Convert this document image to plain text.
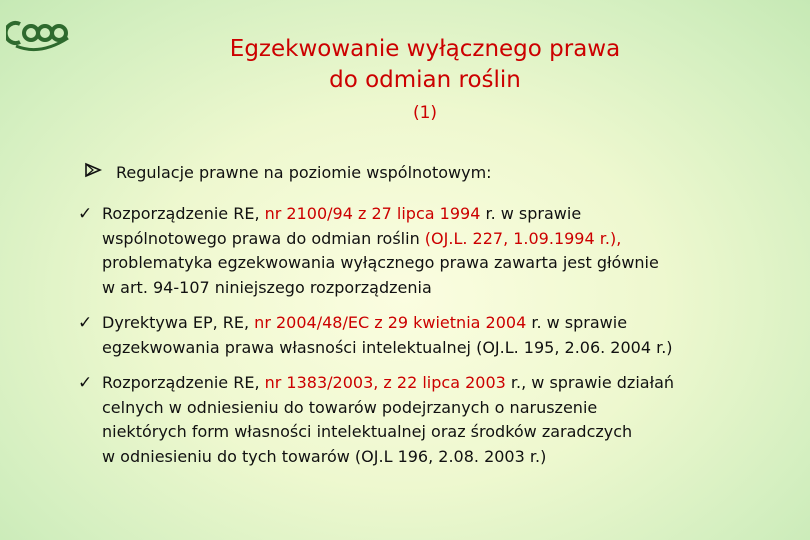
Egzekwowanie wyłącznego prawa
do odmian roślin
(1)
Regulacje prawne na poziomie wspólnotowym:
✓ Rozporządzenie RE, nr 2100/94 z 27 lipca 1994 r. w sprawie
wspólnotowego prawa do odmian roślin (OJ.L. 227, 1.09.1994 r.),
problematyka egzekwowania wyłącznego prawa zawarta jest głównie
w art. 94-107 niniejszego rozporządzenia
✓ Dyrektywa EP, RE, nr 2004/48/EC z 29 kwietnia 2004 r. w sprawie
egzekwowania prawa własności intelektualnej (OJ.L. 195, 2.06. 2004 r.)
✓ Rozporządzenie RE, nr 1383/2003, z 22 lipca 2003 r., w sprawie działań
celnych w odniesieniu do towarów podejrzanych o naruszenie
niektórych form własności intelektualnej oraz środków zaradczych
w odniesieniu do tych towarów (OJ.L 196, 2.08. 2003 r.)
